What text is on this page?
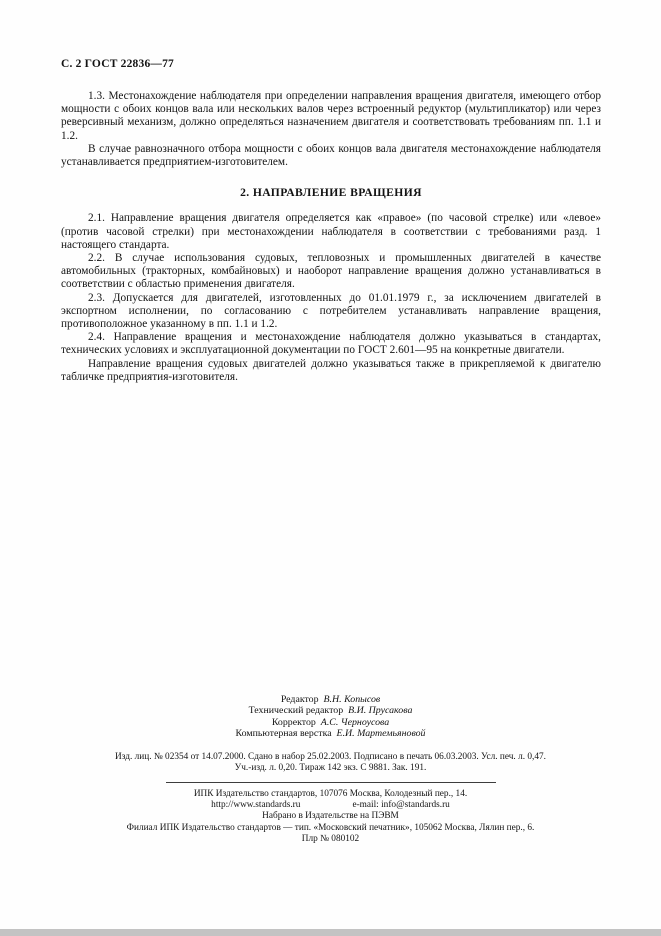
С. 2 ГОСТ 22836—77

1.3. Местонахождение наблюдателя при определении направления вращения двигателя, имеющего отбор мощности с обоих концов вала или нескольких валов через встроенный редуктор (мультипликатор) или через реверсивный механизм, должно определяться назначением двигателя и соответствовать требованиям пп. 1.1 и 1.2.

В случае равнозначного отбора мощности с обоих концов вала двигателя местонахождение наблюдателя устанавливается предприятием-изготовителем.

2. НАПРАВЛЕНИЕ ВРАЩЕНИЯ

2.1. Направление вращения двигателя определяется как «правое» (по часовой стрелке) или «левое» (против часовой стрелки) при местонахождении наблюдателя в соответствии с требованиями разд. 1 настоящего стандарта.

2.2. В случае использования судовых, тепловозных и промышленных двигателей в качестве автомобильных (тракторных, комбайновых) и наоборот направление вращения должно устанавливаться в соответствии с областью применения двигателя.

2.3. Допускается для двигателей, изготовленных до 01.01.1979 г., за исключением двигателей в экспортном исполнении, по согласованию с потребителем устанавливать направление вращения, противоположное указанному в пп. 1.1 и 1.2.

2.4. Направление вращения и местонахождение наблюдателя должно указываться в стандартах, технических условиях и эксплуатационной документации по ГОСТ 2.601—95 на конкретные двигатели.

Направление вращения судовых двигателей должно указываться также в прикрепляемой к двигателю табличке предприятия-изготовителя.

Редактор В.Н. Копысов
Технический редактор В.И. Прусакова
Корректор А.С. Черноусова
Компьютерная верстка Е.И. Мартемьяновой
Изд. лиц. № 02354 от 14.07.2000. Сдано в набор 25.02.2003. Подписано в печать 06.03.2003. Усл. печ. л. 0,47.
Уч.-изд. л. 0,20. Тираж 142 экз. С 9881. Зак. 191.
ИПК Издательство стандартов, 107076 Москва, Колодезный пер., 14.
http://www.standards.ru	e-mail: info@standards.ru
Набрано в Издательстве на ПЭВМ
Филиал ИПК Издательство стандартов — тип. «Московский печатник», 105062 Москва, Лялин пер., 6.
Плр № 080102
